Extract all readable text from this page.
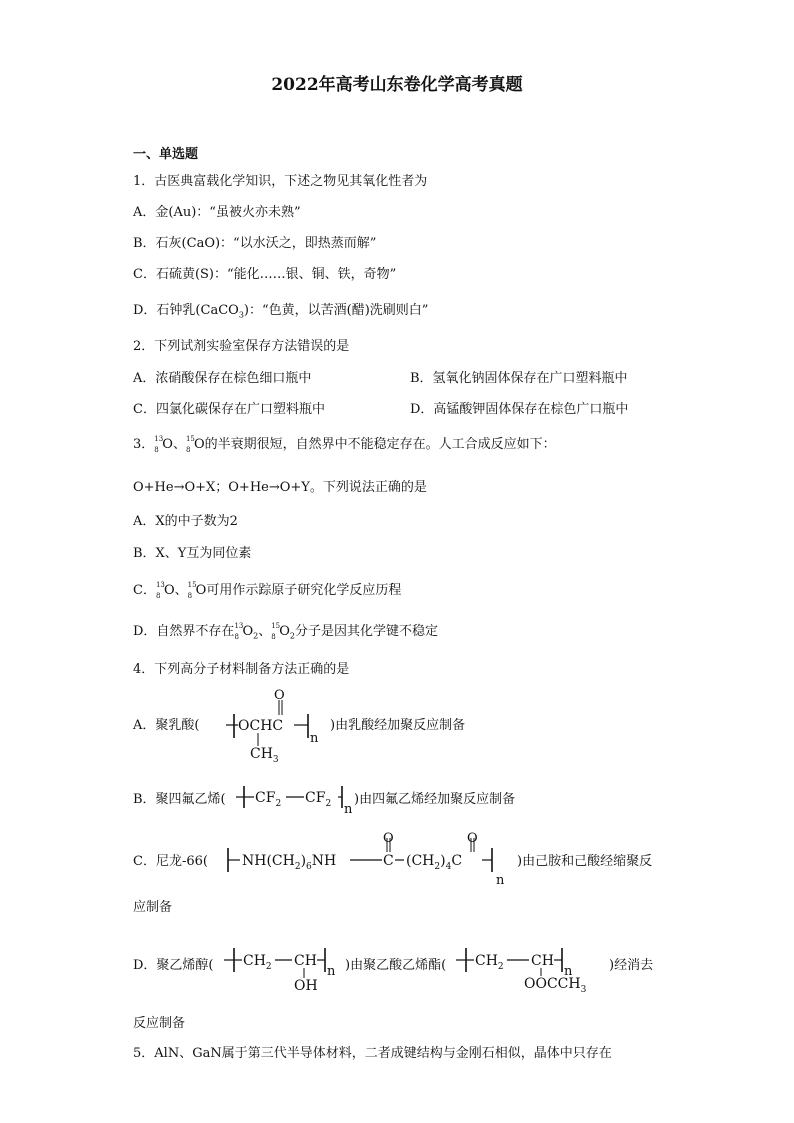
2022年高考山东卷化学高考真题
一、单选题
1．古医典富载化学知识，下述之物见其氧化性者为
A．金(Au)：“虽被火亦未熟”
B．石灰(CaO)：“以水沃之，即热蒸而解”
C．石硫黄(S)：“能化……银、铜、铁，奇物”
D．石钟乳(CaCO$_3$)：“色黄，以苦酒(醋)洗刷则白”
2．下列试剂实验室保存方法错误的是
A．浓硝酸保存在棕色细口瓶中	B．氢氧化钠固体保存在广口塑料瓶中
C．四氯化碳保存在广口塑料瓶中	D．高锰酸钾固体保存在棕色广口瓶中
3． 13
8 O、 15
8 O的半衰期很短，自然界中不能稳定存在。人工合成反应如下：
O+He→O+X；O+He→O+Y。下列说法正确的是
A．X的中子数为2
B．X、Y互为同位素
C． 13
8 O、 15
8 O可用作示踪原子研究化学反应历程
D．自然界不存在 13
8 $O_2$、 15
8 $O_2$分子是因其化学键不稳定
4．下列高分子材料制备方法正确的是
A．聚乳酸(	OCHC
O
$CH_3$
n
)由乳酸经加聚反应制备
B．聚四氟乙烯( $CF_2$ $CF_2$ n
)由四氟乙烯经加聚反应制备
C．尼龙-66( $NH(CH_2)_6NH$	C
O
$(CH_2)_4C$
O
n
)由己胺和己酸经缩聚反
应制备
D．聚乙烯醇( $CH_2$ CH
OH
n )由聚乙酸乙烯酯( $CH_2$ CH
$OOCCH_3$
n	)经消去
反应制备
5．AlN、GaN属于第三代半导体材料，二者成键结构与金刚石相似，晶体中只存在
